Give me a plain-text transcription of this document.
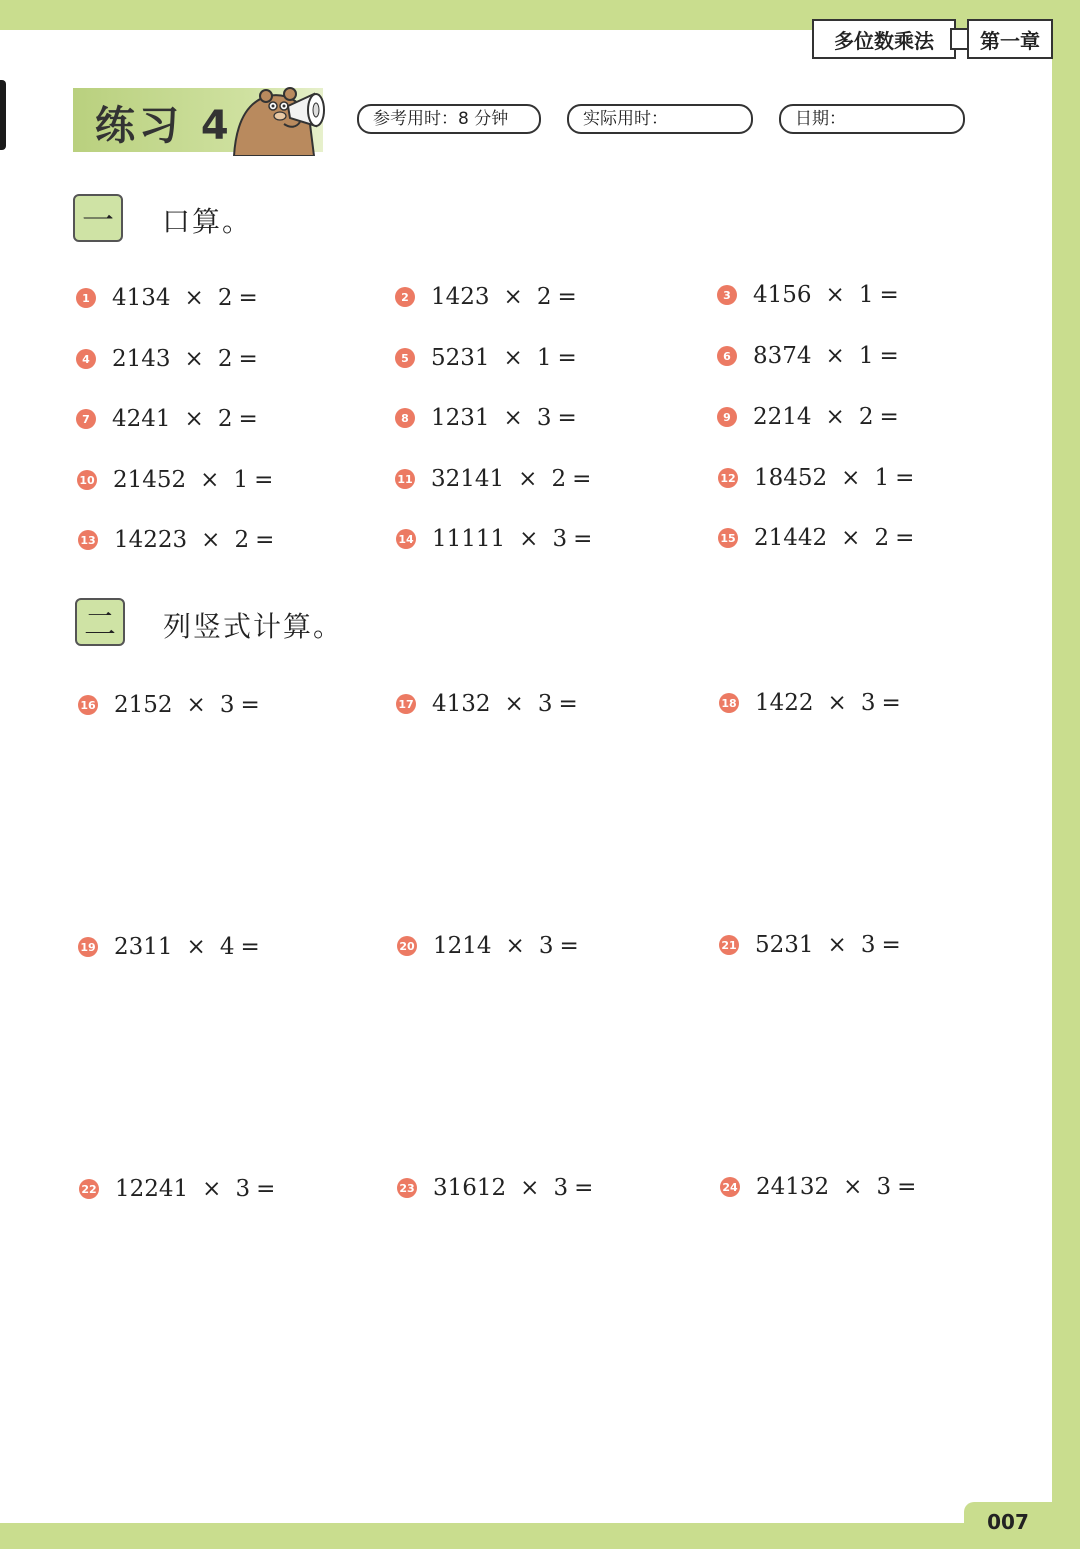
多位数乘法	第一章
练习 4	参考用时：8 分钟	实际用时：	日期：
一	口算。
二	列竖式计算。
1 4134 × 2 =	2 1423 × 2 =	3 4156 × 1 =
4 2143 × 2 =	5 5231 × 1 =	6 8374 × 1 =
7 4241 × 2 =	8 1231 × 3 =	9 2214 × 2 =
10 21452 × 1 =	11 32141 × 2 =	12 18452 × 1 =
13 14223 × 2 =	14 11111 × 3 =	15 21442 × 2 =
16 2152 × 3 =	17 4132 × 3 =	18 1422 × 3 =
19 2311 × 4 =	20 1214 × 3 =	21 5231 × 3 =
22 12241 × 3 =	23 31612 × 3 =	24 24132 × 3 =
007
